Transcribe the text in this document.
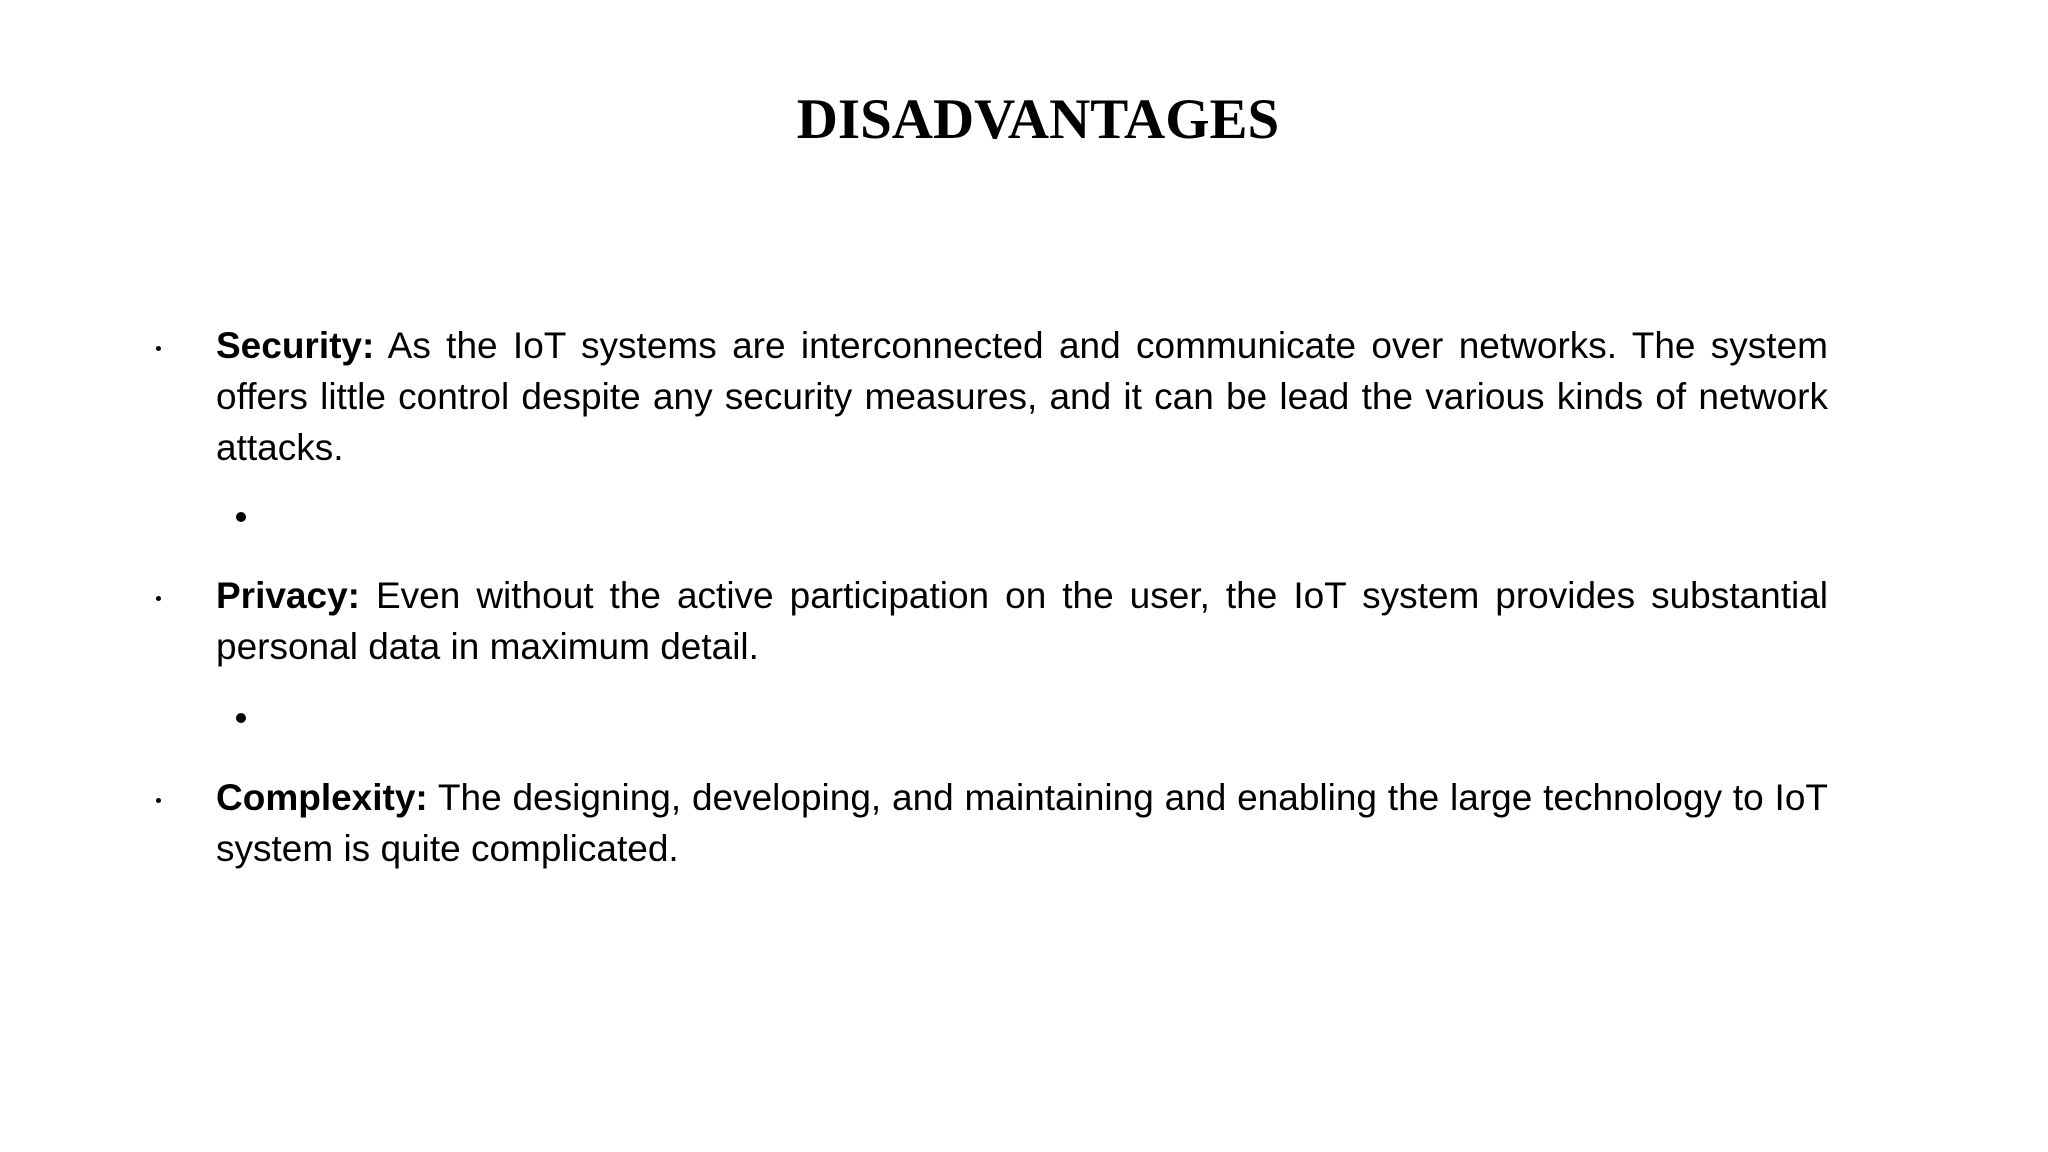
DISADVANTAGES

Security: As the IoT systems are interconnected and communicate over networks. The system offers little control despite any security measures, and it can be lead the various kinds of network attacks.

Privacy: Even without the active participation on the user, the IoT system provides substantial personal data in maximum detail.

Complexity: The designing, developing, and maintaining and enabling the large technology to IoT system is quite complicated.
